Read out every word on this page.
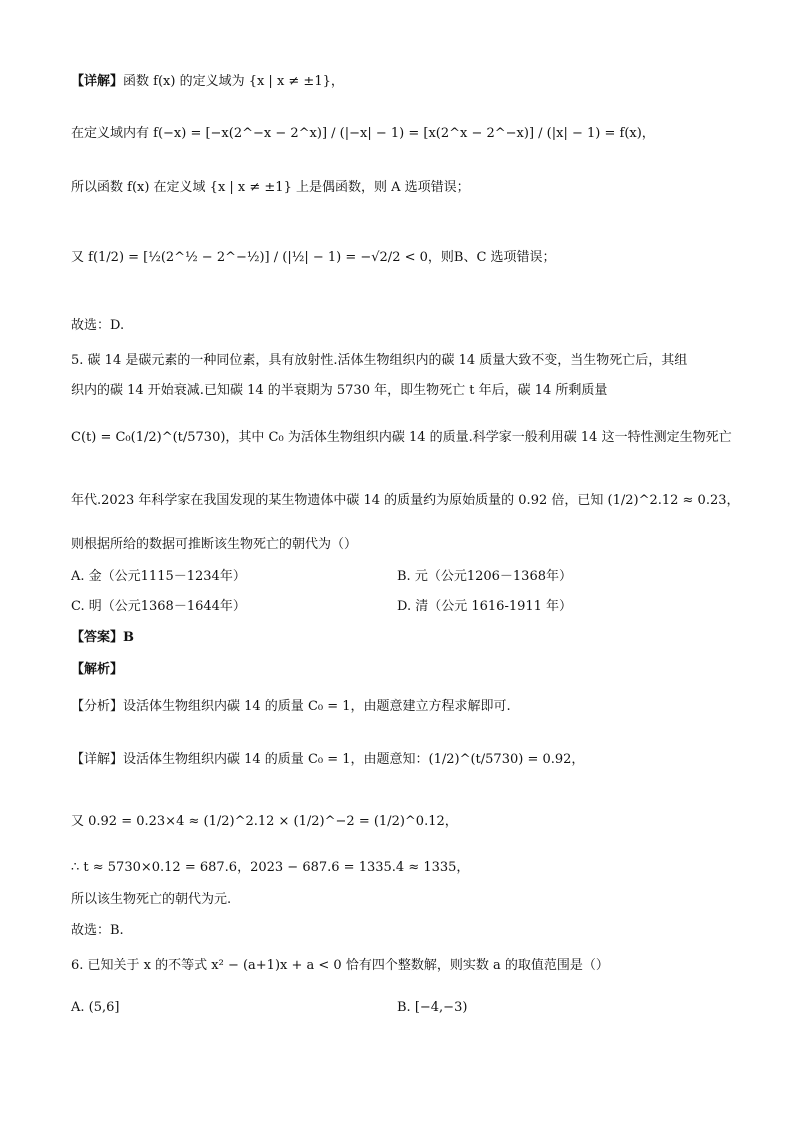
【详解】函数 f(x) 的定义域为 {x | x ≠ ±1}，
在定义域内有 f(−x) = [−x(2^−x − 2^x)] / (|−x| − 1) = [x(2^x − 2^−x)] / (|x| − 1) = f(x)，
所以函数 f(x) 在定义域 {x | x ≠ ±1} 上是偶函数，则 A 选项错误；
又 f(1/2) = [½(2^½ − 2^−½)] / (|½| − 1) = −√2/2 < 0，则B、C 选项错误；
故选：D.
5. 碳 14 是碳元素的一种同位素，具有放射性.活体生物组织内的碳 14 质量大致不变，当生物死亡后，其组
织内的碳 14 开始衰减.已知碳 14 的半衰期为 5730 年，即生物死亡 t 年后，碳 14 所剩质量
C(t) = C₀(1/2)^(t/5730)，其中 C₀ 为活体生物组织内碳 14 的质量.科学家一般利用碳 14 这一特性测定生物死亡
年代.2023 年科学家在我国发现的某生物遗体中碳 14 的质量约为原始质量的 0.92 倍，已知 (1/2)^2.12 ≈ 0.23，
则根据所给的数据可推断该生物死亡的朝代为（）
A. 金（公元1115－1234年）	B. 元（公元1206－1368年）
C. 明（公元1368－1644年）	D. 清（公元 1616-1911 年）
【答案】B
【解析】
【分析】设活体生物组织内碳 14 的质量 C₀ = 1，由题意建立方程求解即可.
【详解】设活体生物组织内碳 14 的质量 C₀ = 1，由题意知：(1/2)^(t/5730) = 0.92，
又 0.92 = 0.23×4 ≈ (1/2)^2.12 × (1/2)^−2 = (1/2)^0.12，
∴ t ≈ 5730×0.12 = 687.6，2023 − 687.6 = 1335.4 ≈ 1335，
所以该生物死亡的朝代为元.
故选：B.
6. 已知关于 x 的不等式 x² − (a+1)x + a < 0 恰有四个整数解，则实数 a 的取值范围是（）
A. (5,6]	B. [−4,−3)
